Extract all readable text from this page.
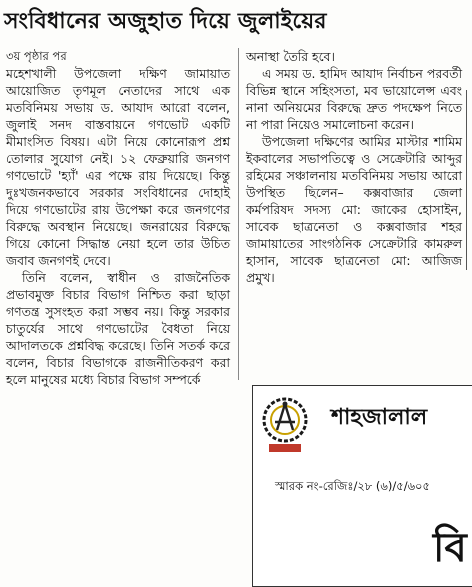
সংবিধানের অজুহাত দিয়ে জুলাইয়ের

৩য় পৃষ্ঠার পর

মহেশখালী উপজেলা দক্ষিণ জামায়াত আয়োজিত তৃণমূল নেতাদের সাথে এক মতবিনিময় সভায় ড. আযাদ আরো বলেন, জুলাই সনদ বাস্তবায়নে গণভোট একটি মীমাংসিত বিষয়। এটা নিয়ে কোনোরূপ প্রশ্ন তোলার সুযোগ নেই। ১২ ফেব্রুয়ারি জনগণ গণভোটে 'হ্যাঁ' এর পক্ষে রায় দিয়েছে। কিন্তু দুঃখজনকভাবে সরকার সংবিধানের দোহাই দিয়ে গণভোটের রায় উপেক্ষা করে জনগণের বিরুদ্ধে অবস্থান নিয়েছে। জনরায়ের বিরুদ্ধে গিয়ে কোনো সিদ্ধান্ত নেয়া হলে তার উচিত জবাব জনগণই দেবে।

তিনি বলেন, স্বাধীন ও রাজনৈতিক প্রভাবমুক্ত বিচার বিভাগ নিশ্চিত করা ছাড়া গণতন্ত্র সুসংহত করা সম্ভব নয়। কিন্তু সরকার চাতুর্যের সাথে গণভোটের বৈধতা নিয়ে আদালতকে প্রশ্নবিদ্ধ করেছে। তিনি সতর্ক করে বলেন, বিচার বিভাগকে রাজনীতিকরণ করা হলে মানুষের মধ্যে বিচার বিভাগ সম্পর্কে

অনাস্থা তৈরি হবে।

এ সময় ড. হামিদ আযাদ নির্বাচন পরবর্তী বিভিন্ন স্থানে সহিংসতা, মব ভায়োলেন্স এবং নানা অনিয়মের বিরুদ্ধে দ্রুত পদক্ষেপ নিতে না পারা নিয়েও সমালোচনা করেন।

উপজেলা দক্ষিণের আমির মাস্টার শামিম ইকবালের সভাপতিত্বে ও সেক্রেটারি আব্দুর রহিমের সঞ্চালনায় মতবিনিময় সভায় আরো উপস্থিত ছিলেন– কক্সবাজার জেলা কর্মপরিষদ সদস্য মো: জাকের হোসাইন, সাবেক ছাত্রনেতা ও কক্সবাজার শহর জামায়াতের সাংগঠনিক সেক্রেটারি কামরুল হাসান, সাবেক ছাত্রনেতা মো: আজিজ প্রমুখ।

শাহজালাল
স্মারক নং-রেজিঃ/২৮ (৬)/৫/৬০৫
বি
